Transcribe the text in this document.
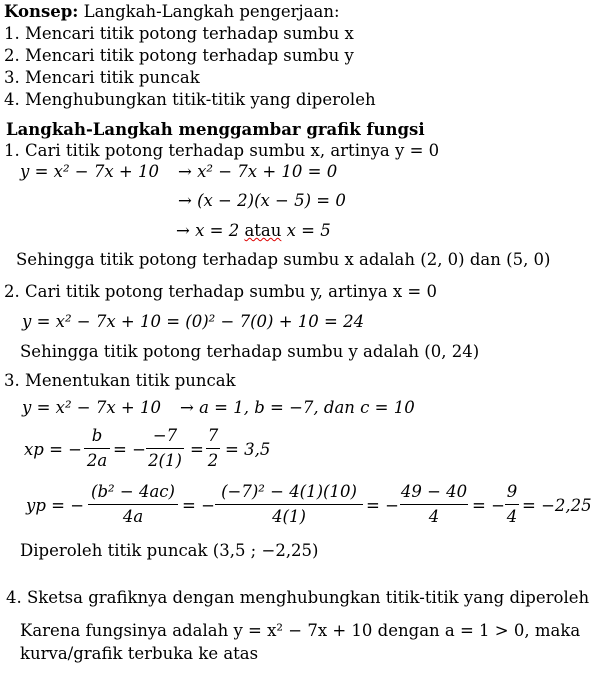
Konsep: Langkah-Langkah pengerjaan:
1. Mencari titik potong terhadap sumbu x
2. Mencari titik potong terhadap sumbu y
3. Mencari titik puncak
4. Menghubungkan titik-titik yang diperoleh
Langkah-Langkah menggambar grafik fungsi
1. Cari titik potong terhadap sumbu x, artinya y = 0
y = x² − 7x + 10 → x² − 7x + 10 = 0
→ (x − 2)(x − 5) = 0
→ x = 2 atau x = 5
Sehingga titik potong terhadap sumbu x adalah (2, 0) dan (5, 0)
2. Cari titik potong terhadap sumbu y, artinya x = 0
y = x² − 7x + 10 = (0)² − 7(0) + 10 = 24
Sehingga titik potong terhadap sumbu y adalah (0, 24)
3. Menentukan titik puncak
y = x² − 7x + 10 → a = 1, b = −7, dan c = 10
xp = −
b
2a
= −
−7
2(1)
=
7
2
= 3,5
yp = −
(b² − 4ac)
4a
= −
(−7)² − 4(1)(10)
4(1)
= −
49 − 40
4
= −
9
4
= −2,25
Diperoleh titik puncak (3,5 ; −2,25)
4. Sketsa grafiknya dengan menghubungkan titik-titik yang diperoleh
Karena fungsinya adalah y = x² − 7x + 10 dengan a = 1 > 0, maka
kurva/grafik terbuka ke atas
